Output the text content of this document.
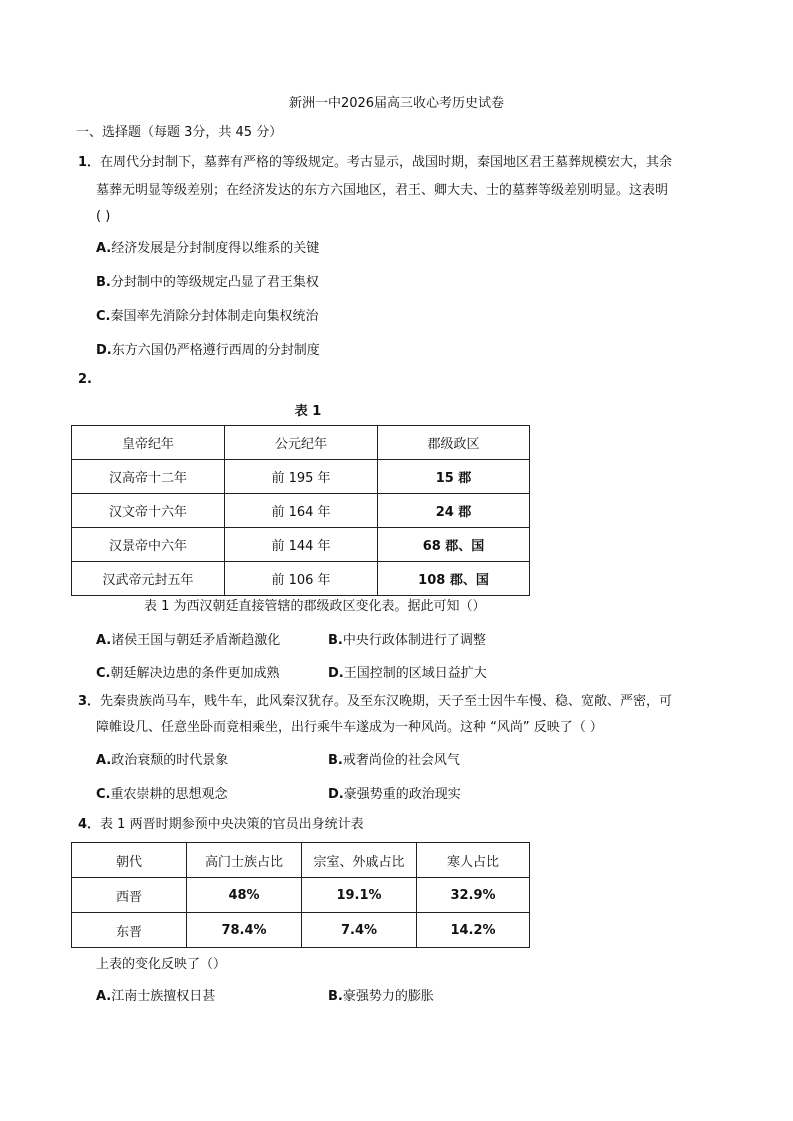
新洲一中2026届高三收心考历史试卷
一、选择题（每题 3分，共 45 分）
1．在周代分封制下，墓葬有严格的等级规定。考古显示，战国时期，秦国地区君王墓葬规模宏大，其余
墓葬无明显等级差别；在经济发达的东方六国地区，君王、卿大夫、士的墓葬等级差别明显。这表明
( )
A.经济发展是分封制度得以维系的关键
B.分封制中的等级规定凸显了君王集权
C.秦国率先消除分封体制走向集权统治
D.东方六国仍严格遵行西周的分封制度
2.
表 1
皇帝纪年	公元纪年	郡级政区
汉高帝十二年	前 195 年	15 郡
汉文帝十六年	前 164 年	24 郡
汉景帝中六年	前 144 年	68 郡、国
汉武帝元封五年	前 106 年	108 郡、国
表 1 为西汉朝廷直接管辖的郡级政区变化表。据此可知（）
A.诸侯王国与朝廷矛盾渐趋激化	B.中央行政体制进行了调整
C.朝廷解决边患的条件更加成熟	D.王国控制的区域日益扩大
3．先秦贵族尚马车，贱牛车，此风秦汉犹存。及至东汉晚期，天子至士因牛车慢、稳、宽敞、严密，可
障帷设几、任意坐卧而竟相乘坐，出行乘牛车遂成为一种风尚。这种 “风尚” 反映了（ ）
A.政治衰颓的时代景象	B.戒奢尚俭的社会风气
C.重农崇耕的思想观念	D.豪强势重的政治现实
4．表 1 两晋时期参预中央决策的官员出身统计表
朝代	高门士族占比	宗室、外戚占比	寒人占比
西晋	48%	19.1%	32.9%
东晋	78.4%	7.4%	14.2%
上表的变化反映了（）
A.江南士族擅权日甚	B.豪强势力的膨胀
